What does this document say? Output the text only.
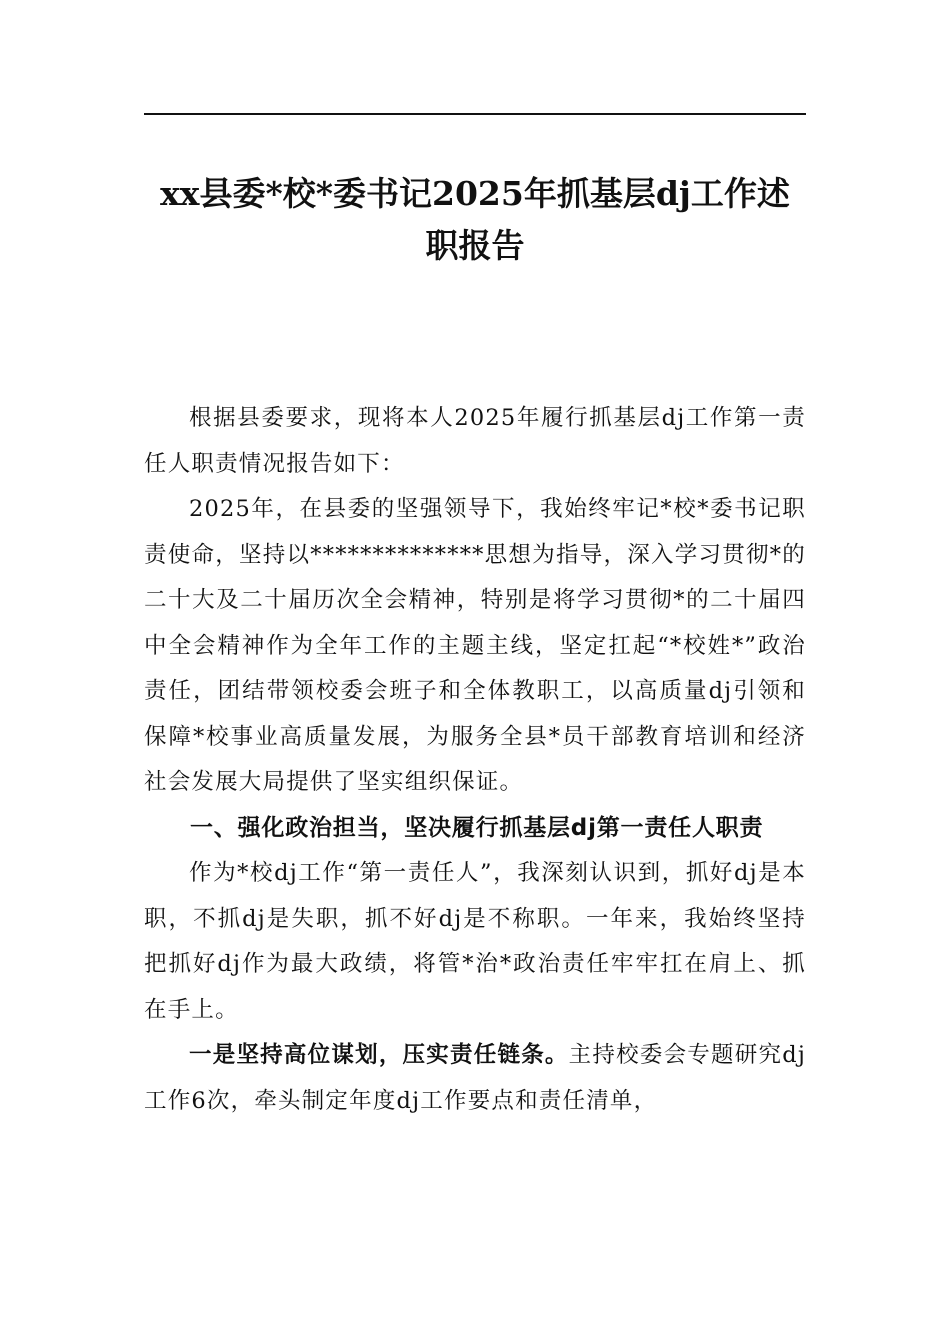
xx县委*校*委书记2025年抓基层dj工作述
职报告

根据县委要求，现将本人2025年履行抓基层dj工作第一责任人职责情况报告如下：

2025年，在县委的坚强领导下，我始终牢记*校*委书记职责使命，坚持以**************思想为指导，深入学习贯彻*的二十大及二十届历次全会精神，特别是将学习贯彻*的二十届四中全会精神作为全年工作的主题主线，坚定扛起“*校姓*”政治责任，团结带领校委会班子和全体教职工，以高质量dj引领和保障*校事业高质量发展，为服务全县*员干部教育培训和经济社会发展大局提供了坚实组织保证。

一、强化政治担当，坚决履行抓基层dj第一责任人职责

作为*校dj工作“第一责任人”，我深刻认识到，抓好dj是本职，不抓dj是失职，抓不好dj是不称职。一年来，我始终坚持把抓好dj作为最大政绩，将管*治*政治责任牢牢扛在肩上、抓在手上。

一是坚持高位谋划，压实责任链条。主持校委会专题研究dj工作6次，牵头制定年度dj工作要点和责任清单，
